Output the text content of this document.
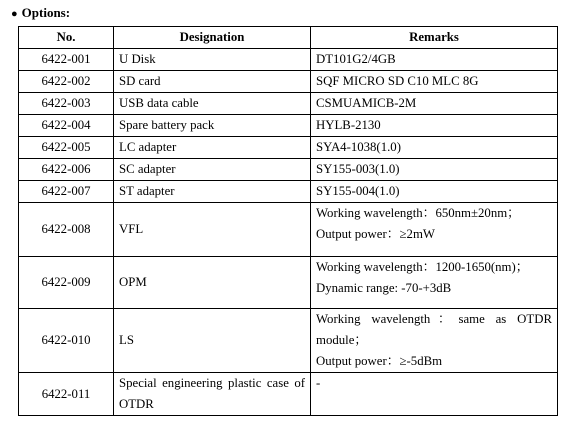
● Options:
No.	Designation	Remarks
6422-001	U Disk	DT101G2/4GB

6422-002	SD card	SQF MICRO SD C10 MLC 8G

6422-003	USB data cable	CSMUAMICB-2M

6422-004	Spare battery pack	HYLB-2130

6422-005	LC adapter	SYA4-1038(1.0)

6422-006	SC adapter	SY155-003(1.0)

6422-007	ST adapter	SY155-004(1.0)

6422-008	VFL	Working wavelength：650nm±20nm；
Output power：≥2mW

6422-009	OPM	Working wavelength：1200-1650(nm)；
Dynamic range: -70-+3dB

6422-010	LS	Working wavelength：same as OTDR module；
Output power：≥-5dBm

6422-011	Special engineering plastic case of OTDR	-
